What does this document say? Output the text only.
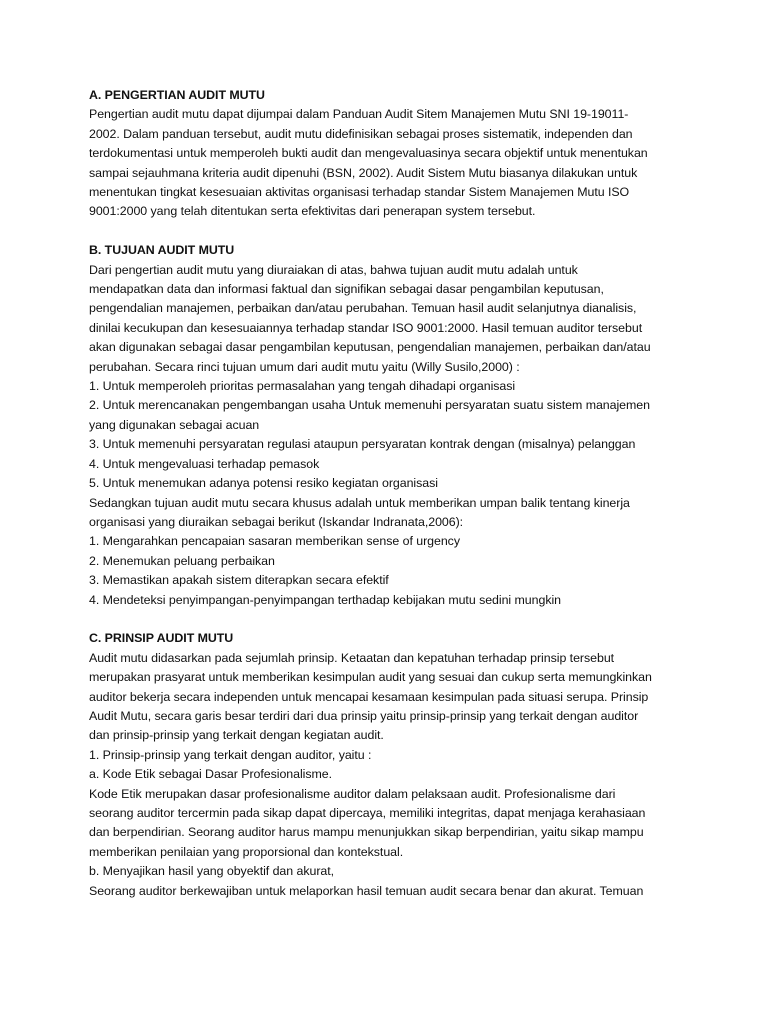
A. PENGERTIAN AUDIT MUTU
Pengertian audit mutu dapat dijumpai dalam Panduan Audit Sitem Manajemen Mutu SNI 19-19011-
2002. Dalam panduan tersebut, audit mutu didefinisikan sebagai proses sistematik, independen dan
terdokumentasi untuk memperoleh bukti audit dan mengevaluasinya secara objektif untuk menentukan
sampai sejauhmana kriteria audit dipenuhi (BSN, 2002). Audit Sistem Mutu biasanya dilakukan untuk
menentukan tingkat kesesuaian aktivitas organisasi terhadap standar Sistem Manajemen Mutu ISO
9001:2000 yang telah ditentukan serta efektivitas dari penerapan system tersebut.
B. TUJUAN AUDIT MUTU
Dari pengertian audit mutu yang diuraiakan di atas, bahwa tujuan audit mutu adalah untuk
mendapatkan data dan informasi faktual dan signifikan sebagai dasar pengambilan keputusan,
pengendalian manajemen, perbaikan dan/atau perubahan. Temuan hasil audit selanjutnya dianalisis,
dinilai kecukupan dan kesesuaiannya terhadap standar ISO 9001:2000. Hasil temuan auditor tersebut
akan digunakan sebagai dasar pengambilan keputusan, pengendalian manajemen, perbaikan dan/atau
perubahan. Secara rinci tujuan umum dari audit mutu yaitu (Willy Susilo,2000) :
1. Untuk memperoleh prioritas permasalahan yang tengah dihadapi organisasi
2. Untuk merencanakan pengembangan usaha Untuk memenuhi persyaratan suatu sistem manajemen
yang digunakan sebagai acuan
3. Untuk memenuhi persyaratan regulasi ataupun persyaratan kontrak dengan (misalnya) pelanggan
4. Untuk mengevaluasi terhadap pemasok
5. Untuk menemukan adanya potensi resiko kegiatan organisasi
Sedangkan tujuan audit mutu secara khusus adalah untuk memberikan umpan balik tentang kinerja
organisasi yang diuraikan sebagai berikut (Iskandar Indranata,2006):
1. Mengarahkan pencapaian sasaran memberikan sense of urgency
2. Menemukan peluang perbaikan
3. Memastikan apakah sistem diterapkan secara efektif
4. Mendeteksi penyimpangan-penyimpangan terthadap kebijakan mutu sedini mungkin
C. PRINSIP AUDIT MUTU
Audit mutu didasarkan pada sejumlah prinsip. Ketaatan dan kepatuhan terhadap prinsip tersebut
merupakan prasyarat untuk memberikan kesimpulan audit yang sesuai dan cukup serta memungkinkan
auditor bekerja secara independen untuk mencapai kesamaan kesimpulan pada situasi serupa. Prinsip
Audit Mutu, secara garis besar terdiri dari dua prinsip yaitu prinsip-prinsip yang terkait dengan auditor
dan prinsip-prinsip yang terkait dengan kegiatan audit.
1. Prinsip-prinsip yang terkait dengan auditor, yaitu :
a. Kode Etik sebagai Dasar Profesionalisme.
Kode Etik merupakan dasar profesionalisme auditor dalam pelaksaan audit. Profesionalisme dari
seorang auditor tercermin pada sikap dapat dipercaya, memiliki integritas, dapat menjaga kerahasiaan
dan berpendirian. Seorang auditor harus mampu menunjukkan sikap berpendirian, yaitu sikap mampu
memberikan penilaian yang proporsional dan kontekstual.
b. Menyajikan hasil yang obyektif dan akurat,
Seorang auditor berkewajiban untuk melaporkan hasil temuan audit secara benar dan akurat. Temuan
